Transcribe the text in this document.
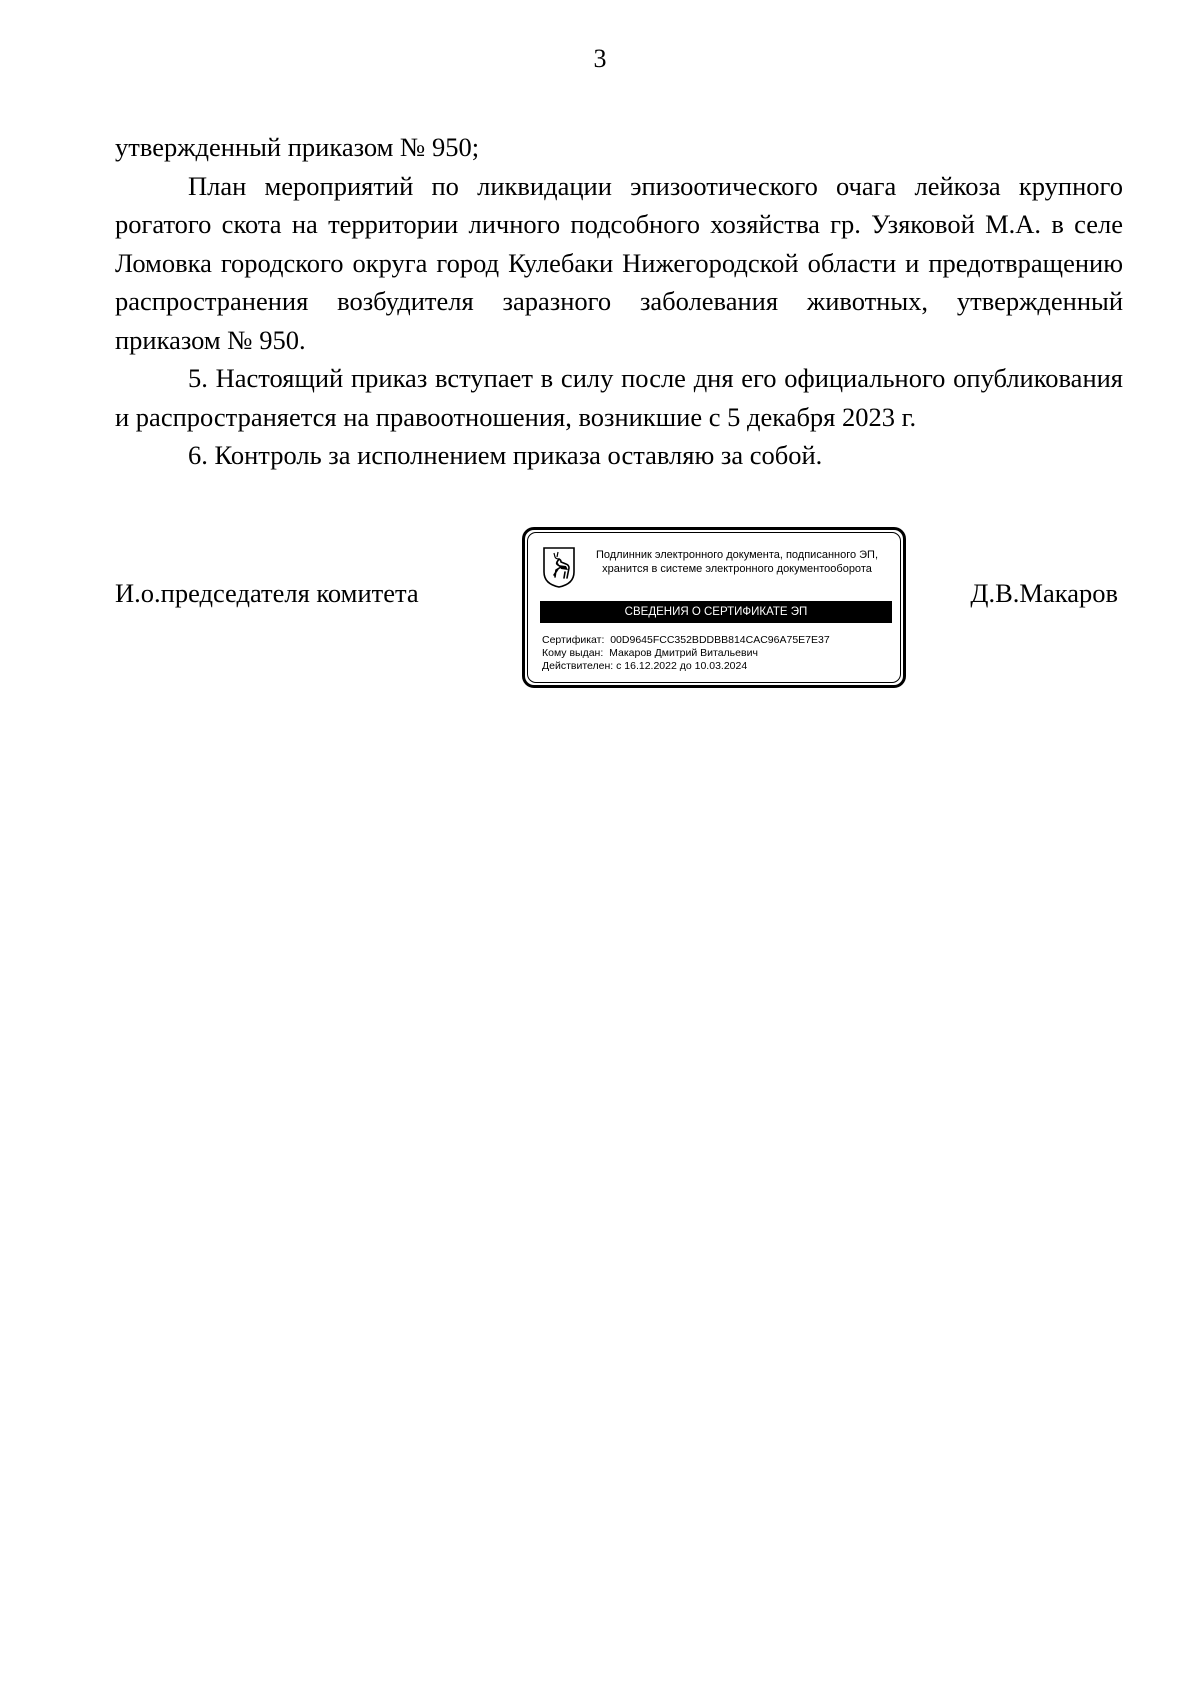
3

утвержденный приказом № 950;

План мероприятий по ликвидации эпизоотического очага лейкоза крупного рогатого скота на территории личного подсобного хозяйства гр. Узяковой М.А. в селе Ломовка городского округа город Кулебаки Нижегородской области и предотвращению распространения возбудителя заразного заболевания животных, утвержденный приказом № 950.

5. Настоящий приказ вступает в силу после дня его официального опубликования и распространяется на правоотношения, возникшие с 5 декабря 2023 г.

6. Контроль за исполнением приказа оставляю за собой.

И.о.председателя комитета
Подлинник электронного документа, подписанного ЭП,
хранится в системе электронного документооборота
СВЕДЕНИЯ О СЕРТИФИКАТЕ ЭП
Сертификат: 00D9645FCC352BDDBB814CAC96A75E7E37
Кому выдан: Макаров Дмитрий Витальевич
Действителен: с 16.12.2022 до 10.03.2024
Д.В.Макаров
